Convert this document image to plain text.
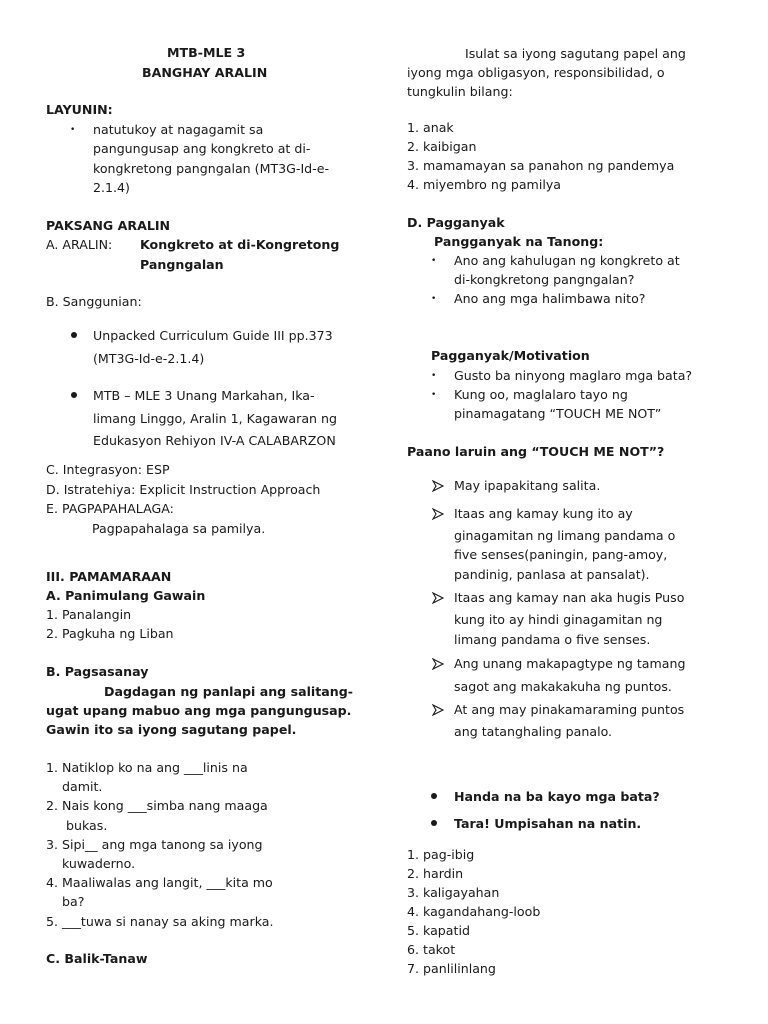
MTB-MLE 3
BANGHAY ARALIN
LAYUNIN:
• natutukoy at nagagamit sa
pangungusap ang kongkreto at di-
kongkretong pangngalan (MT3G-Id-e-
2.1.4)
PAKSANG ARALIN
A. ARALIN: Kongkreto at di-Kongretong
Pangngalan
B. Sanggunian:
Unpacked Curriculum Guide III pp.373
(MT3G-Id-e-2.1.4)
MTB – MLE 3 Unang Markahan, Ika-
limang Linggo, Aralin 1, Kagawaran ng
Edukasyon Rehiyon IV-A CALABARZON
C. Integrasyon: ESP
D. Istratehiya: Explicit Instruction Approach
E. PAGPAPAHALAGA:
Pagpapahalaga sa pamilya.
III. PAMAMARAAN
A. Panimulang Gawain
1. Panalangin
2. Pagkuha ng Liban
B. Pagsasanay
Dagdagan ng panlapi ang salitang-
ugat upang mabuo ang mga pangungusap.
Gawin ito sa iyong sagutang papel.
1. Natiklop ko na ang ___linis na
damit.
2. Nais kong ___simba nang maaga
bukas.
3. Sipi__ ang mga tanong sa iyong
kuwaderno.
4. Maaliwalas ang langit, ___kita mo
ba?
5. ___tuwa si nanay sa aking marka.
C. Balik-Tanaw
Isulat sa iyong sagutang papel ang
iyong mga obligasyon, responsibilidad, o
tungkulin bilang:
1. anak
2. kaibigan
3. mamamayan sa panahon ng pandemya
4. miyembro ng pamilya
D. Pagganyak
Pangganyak na Tanong:
• Ano ang kahulugan ng kongkreto at
di-kongkretong pangngalan?
• Ano ang mga halimbawa nito?
Pagganyak/Motivation
• Gusto ba ninyong maglaro mga bata?
• Kung oo, maglalaro tayo ng
pinamagatang “TOUCH ME NOT”
Paano laruin ang “TOUCH ME NOT”?
May ipapakitang salita.
Itaas ang kamay kung ito ay
ginagamitan ng limang pandama o
five senses(paningin, pang-amoy,
pandinig, panlasa at pansalat).
Itaas ang kamay nan aka hugis Puso
kung ito ay hindi ginagamitan ng
limang pandama o five senses.
Ang unang makapagtype ng tamang
sagot ang makakakuha ng puntos.
At ang may pinakamaraming puntos
ang tatanghaling panalo.
Handa na ba kayo mga bata?
Tara! Umpisahan na natin.
1. pag-ibig
2. hardin
3. kaligayahan
4. kagandahang-loob
5. kapatid
6. takot
7. panlilinlang
